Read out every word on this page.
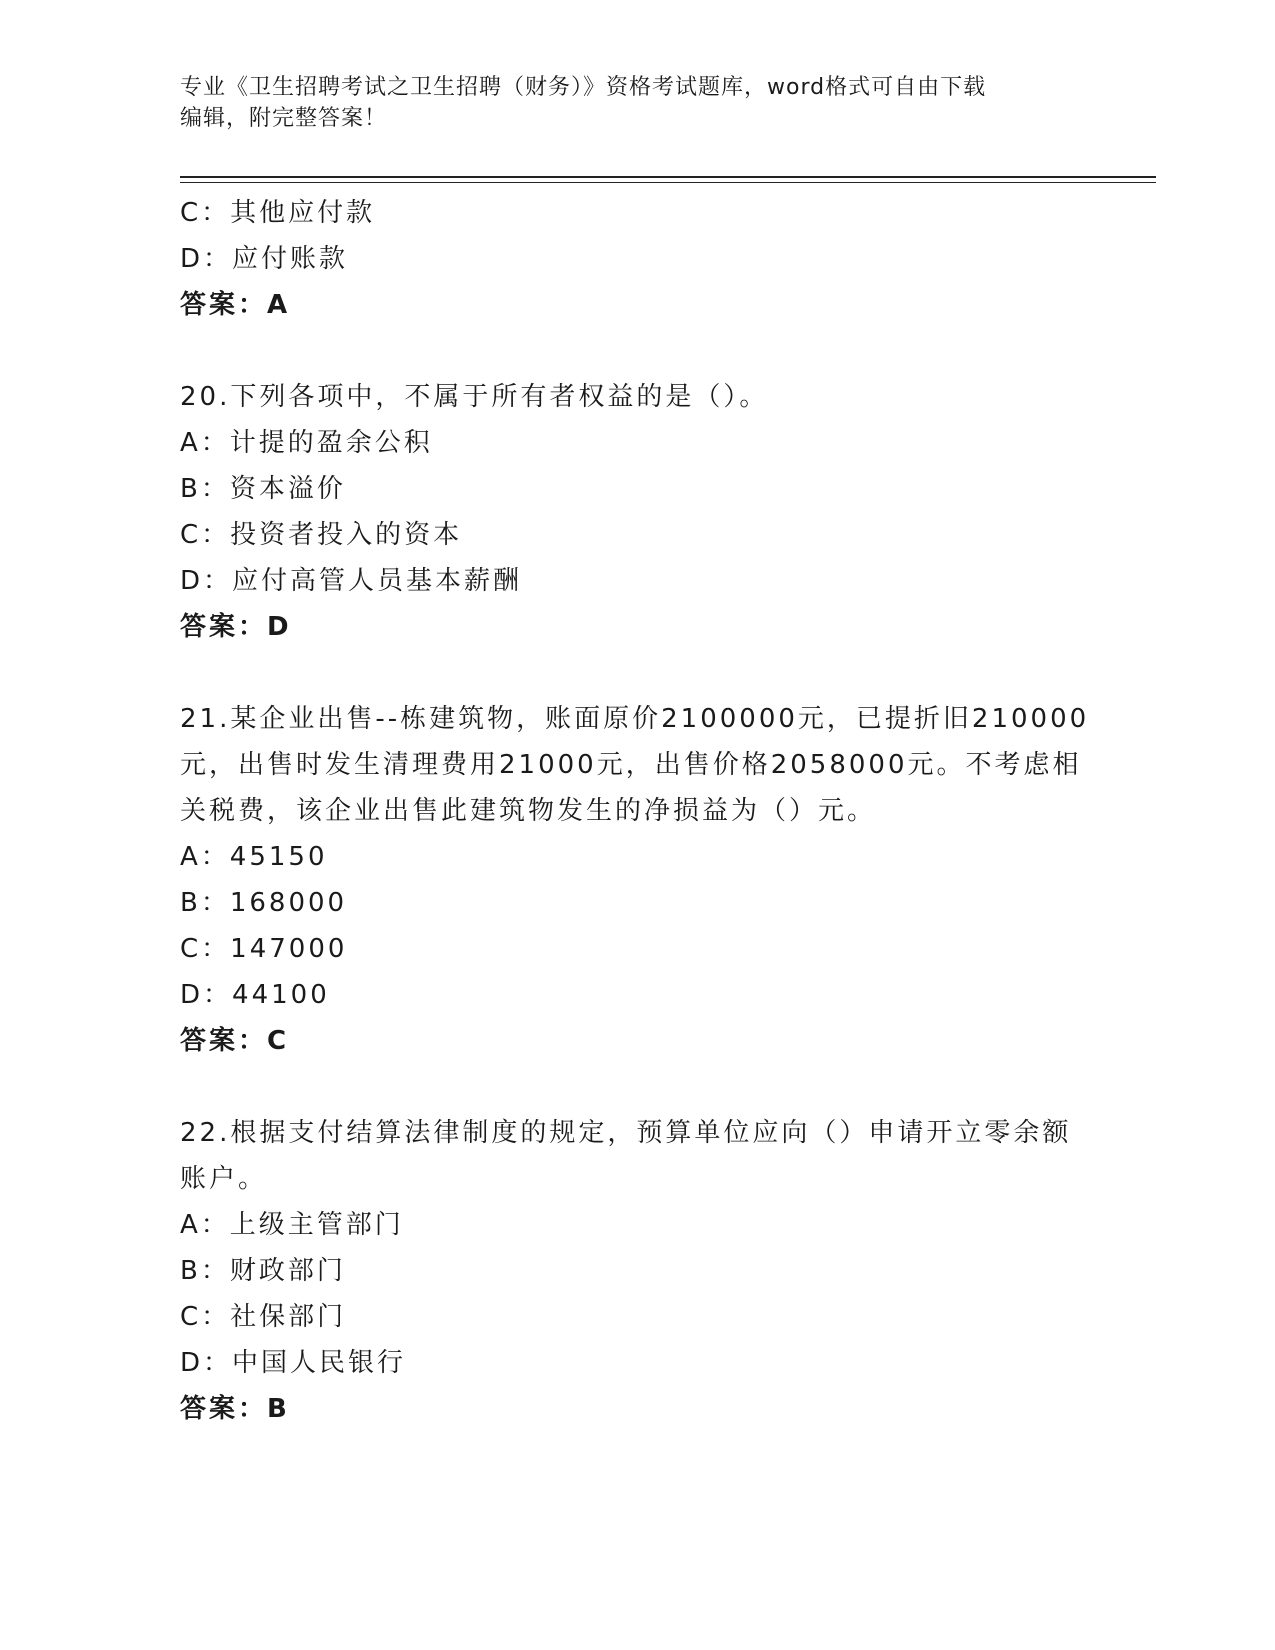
专业《卫生招聘考试之卫生招聘（财务）》资格考试题库，word格式可自由下载
编辑，附完整答案！
C：其他应付款
D：应付账款
答案：A
20.下列各项中，不属于所有者权益的是（）。
A：计提的盈余公积
B：资本溢价
C：投资者投入的资本
D：应付高管人员基本薪酬
答案：D
21.某企业出售--栋建筑物，账面原价2100000元，已提折旧210000
元，出售时发生清理费用21000元，出售价格2058000元。不考虑相
关税费，该企业出售此建筑物发生的净损益为（）元。
A：45150
B：168000
C：147000
D：44100
答案：C
22.根据支付结算法律制度的规定，预算单位应向（）申请开立零余额
账户。
A：上级主管部门
B：财政部门
C：社保部门
D：中国人民银行
答案：B
